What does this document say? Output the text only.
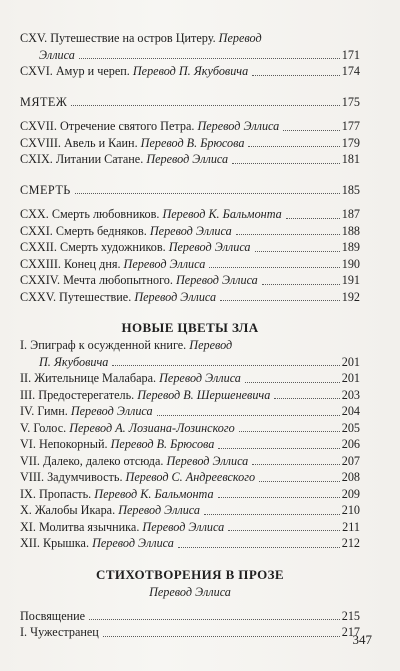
CXV. Путешествие на остров Цитеру. Перевод
Эллиса	171
CXVI. Амур и череп. Перевод П. Якубовича	174
МЯТЕЖ	175
CXVII. Отречение святого Петра. Перевод Эллиса	177
CXVIII. Авель и Каин. Перевод В. Брюсова	179
CXIX. Литании Сатане. Перевод Эллиса	181
СМЕРТЬ	185
CXX. Смерть любовников. Перевод К. Бальмонта	187
CXXI. Смерть бедняков. Перевод Эллиса	188
CXXII. Смерть художников. Перевод Эллиса	189
CXXIII. Конец дня. Перевод Эллиса	190
CXXIV. Мечта любопытного. Перевод Эллиса	191
CXXV. Путешествие. Перевод Эллиса	192
НОВЫЕ ЦВЕТЫ ЗЛА
I. Эпиграф к осужденной книге. Перевод
П. Якубовича	201
II. Жительнице Малабара. Перевод Эллиса	201
III. Предостерегатель. Перевод В. Шершеневича	203
IV. Гимн. Перевод Эллиса	204
V. Голос. Перевод А. Лозиана-Лозинского	205
VI. Непокорный. Перевод В. Брюсова	206
VII. Далеко, далеко отсюда. Перевод Эллиса	207
VIII. Задумчивость. Перевод С. Андреевского	208
IX. Пропасть. Перевод К. Бальмонта	209
X. Жалобы Икара. Перевод Эллиса	210
XI. Молитва язычника. Перевод Эллиса	211
XII. Крышка. Перевод Эллиса	212
СТИХОТВОРЕНИЯ В ПРОЗЕ
Перевод Эллиса
Посвящение	215
I. Чужестранец	217
347
